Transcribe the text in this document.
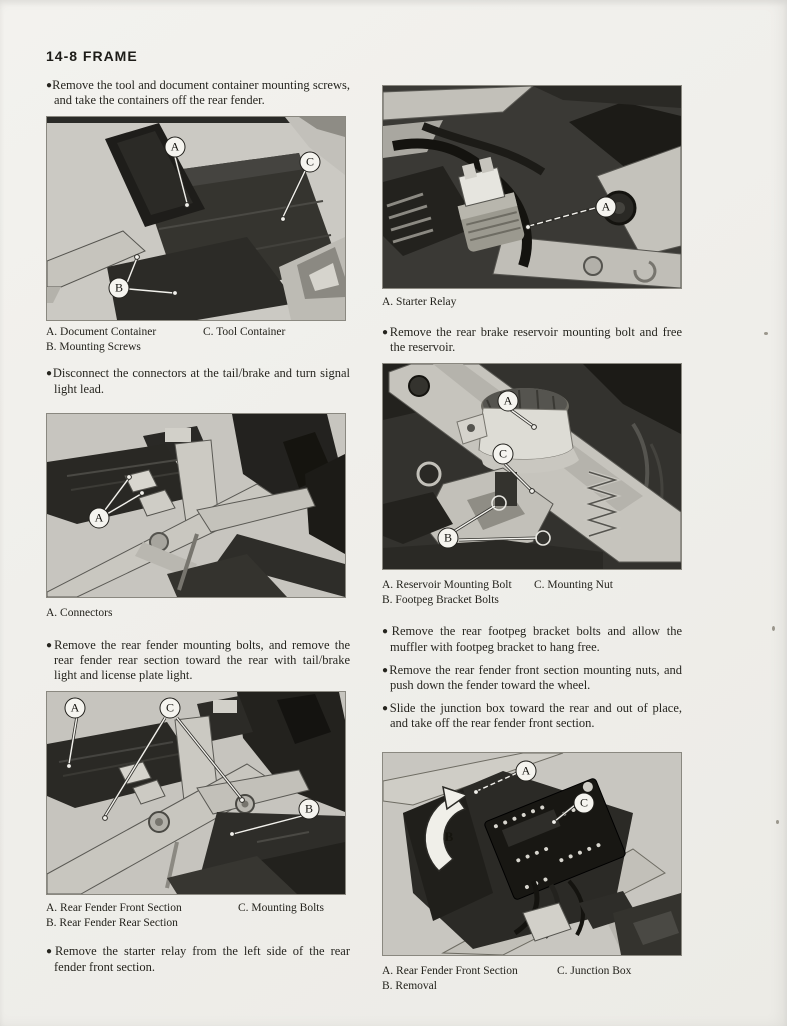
14-8 FRAME

●Remove the tool and document container mounting screws, and take the containers off the rear fender.

A
C
B
A. Document Container	C. Tool Container
B. Mounting Screws

●Disconnect the connectors at the tail/brake and turn signal light lead.

A
A. Connectors

●Remove the rear fender mounting bolts, and remove the rear fender rear section toward the rear with tail/brake light and license plate light.

A	C
B
A. Rear Fender Front Section	C. Mounting Bolts
B. Rear Fender Rear Section

●Remove the starter relay from the left side of the rear fender front section.

A
A. Starter Relay

●Remove the rear brake reservoir mounting bolt and free the reservoir.

A
C
B
A. Reservoir Mounting Bolt	C. Mounting Nut
B. Footpeg Bracket Bolts

●Remove the rear footpeg bracket bolts and allow the muffler with footpeg bracket to hang free.

●Remove the rear fender front section mounting nuts, and push down the fender toward the wheel.

●Slide the junction box toward the rear and out of place, and take off the rear fender front section.

A
C
B
A. Rear Fender Front Section	C. Junction Box
B. Removal
